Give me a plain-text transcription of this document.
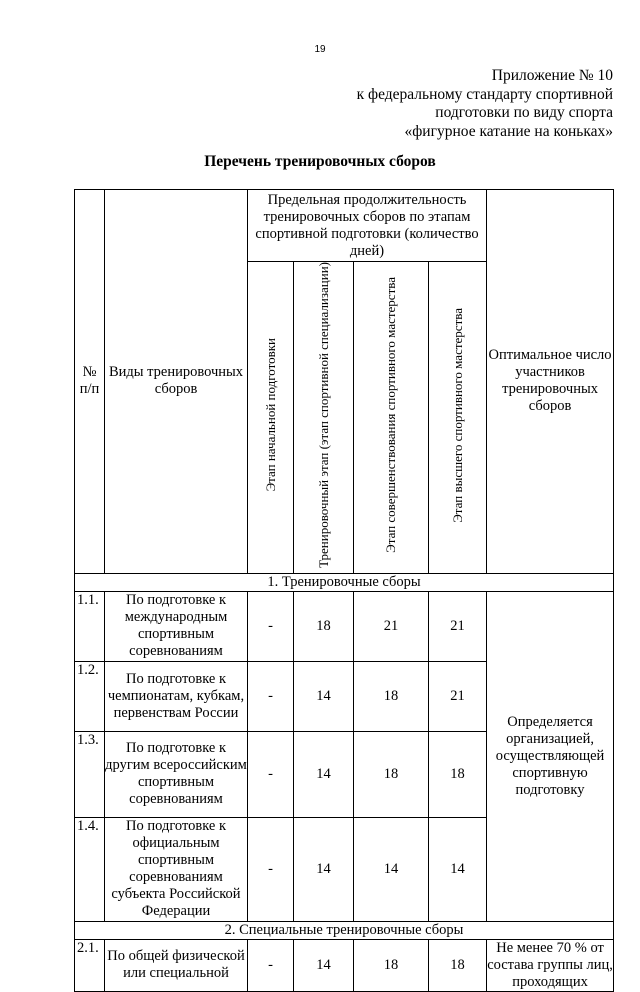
19
Приложение № 10
к федеральному стандарту спортивной
подготовки по виду спорта
«фигурное катание на коньках»
Перечень тренировочных сборов
№ п/п	Виды тренировочных сборов	Предельная продолжительность тренировочных сборов по этапам спортивной подготовки (количество дней)				Оптимальное число участников тренировочных сборов
		Этап начальной подготовки	Тренировочный этап (этап спортивной специализации)	Этап совершенствования спортивного мастерства	Этап высшего спортивного мастерства	
1. Тренировочные сборы						
1.1.	По подготовке к международным спортивным соревнованиям	-	18	21	21	Определяется организацией, осуществляющей спортивную подготовку
1.2.	По подготовке к чемпионатам, кубкам, первенствам России	-	14	18	21	
1.3.	По подготовке к другим всероссийским спортивным соревнованиям	-	14	18	18	
1.4.	По подготовке к официальным спортивным соревнованиям субъекта Российской Федерации	-	14	14	14	
2. Специальные тренировочные сборы						
2.1.	По общей физической или специальной	-	14	18	18	Не менее 70 % от состава группы лиц, проходящих
